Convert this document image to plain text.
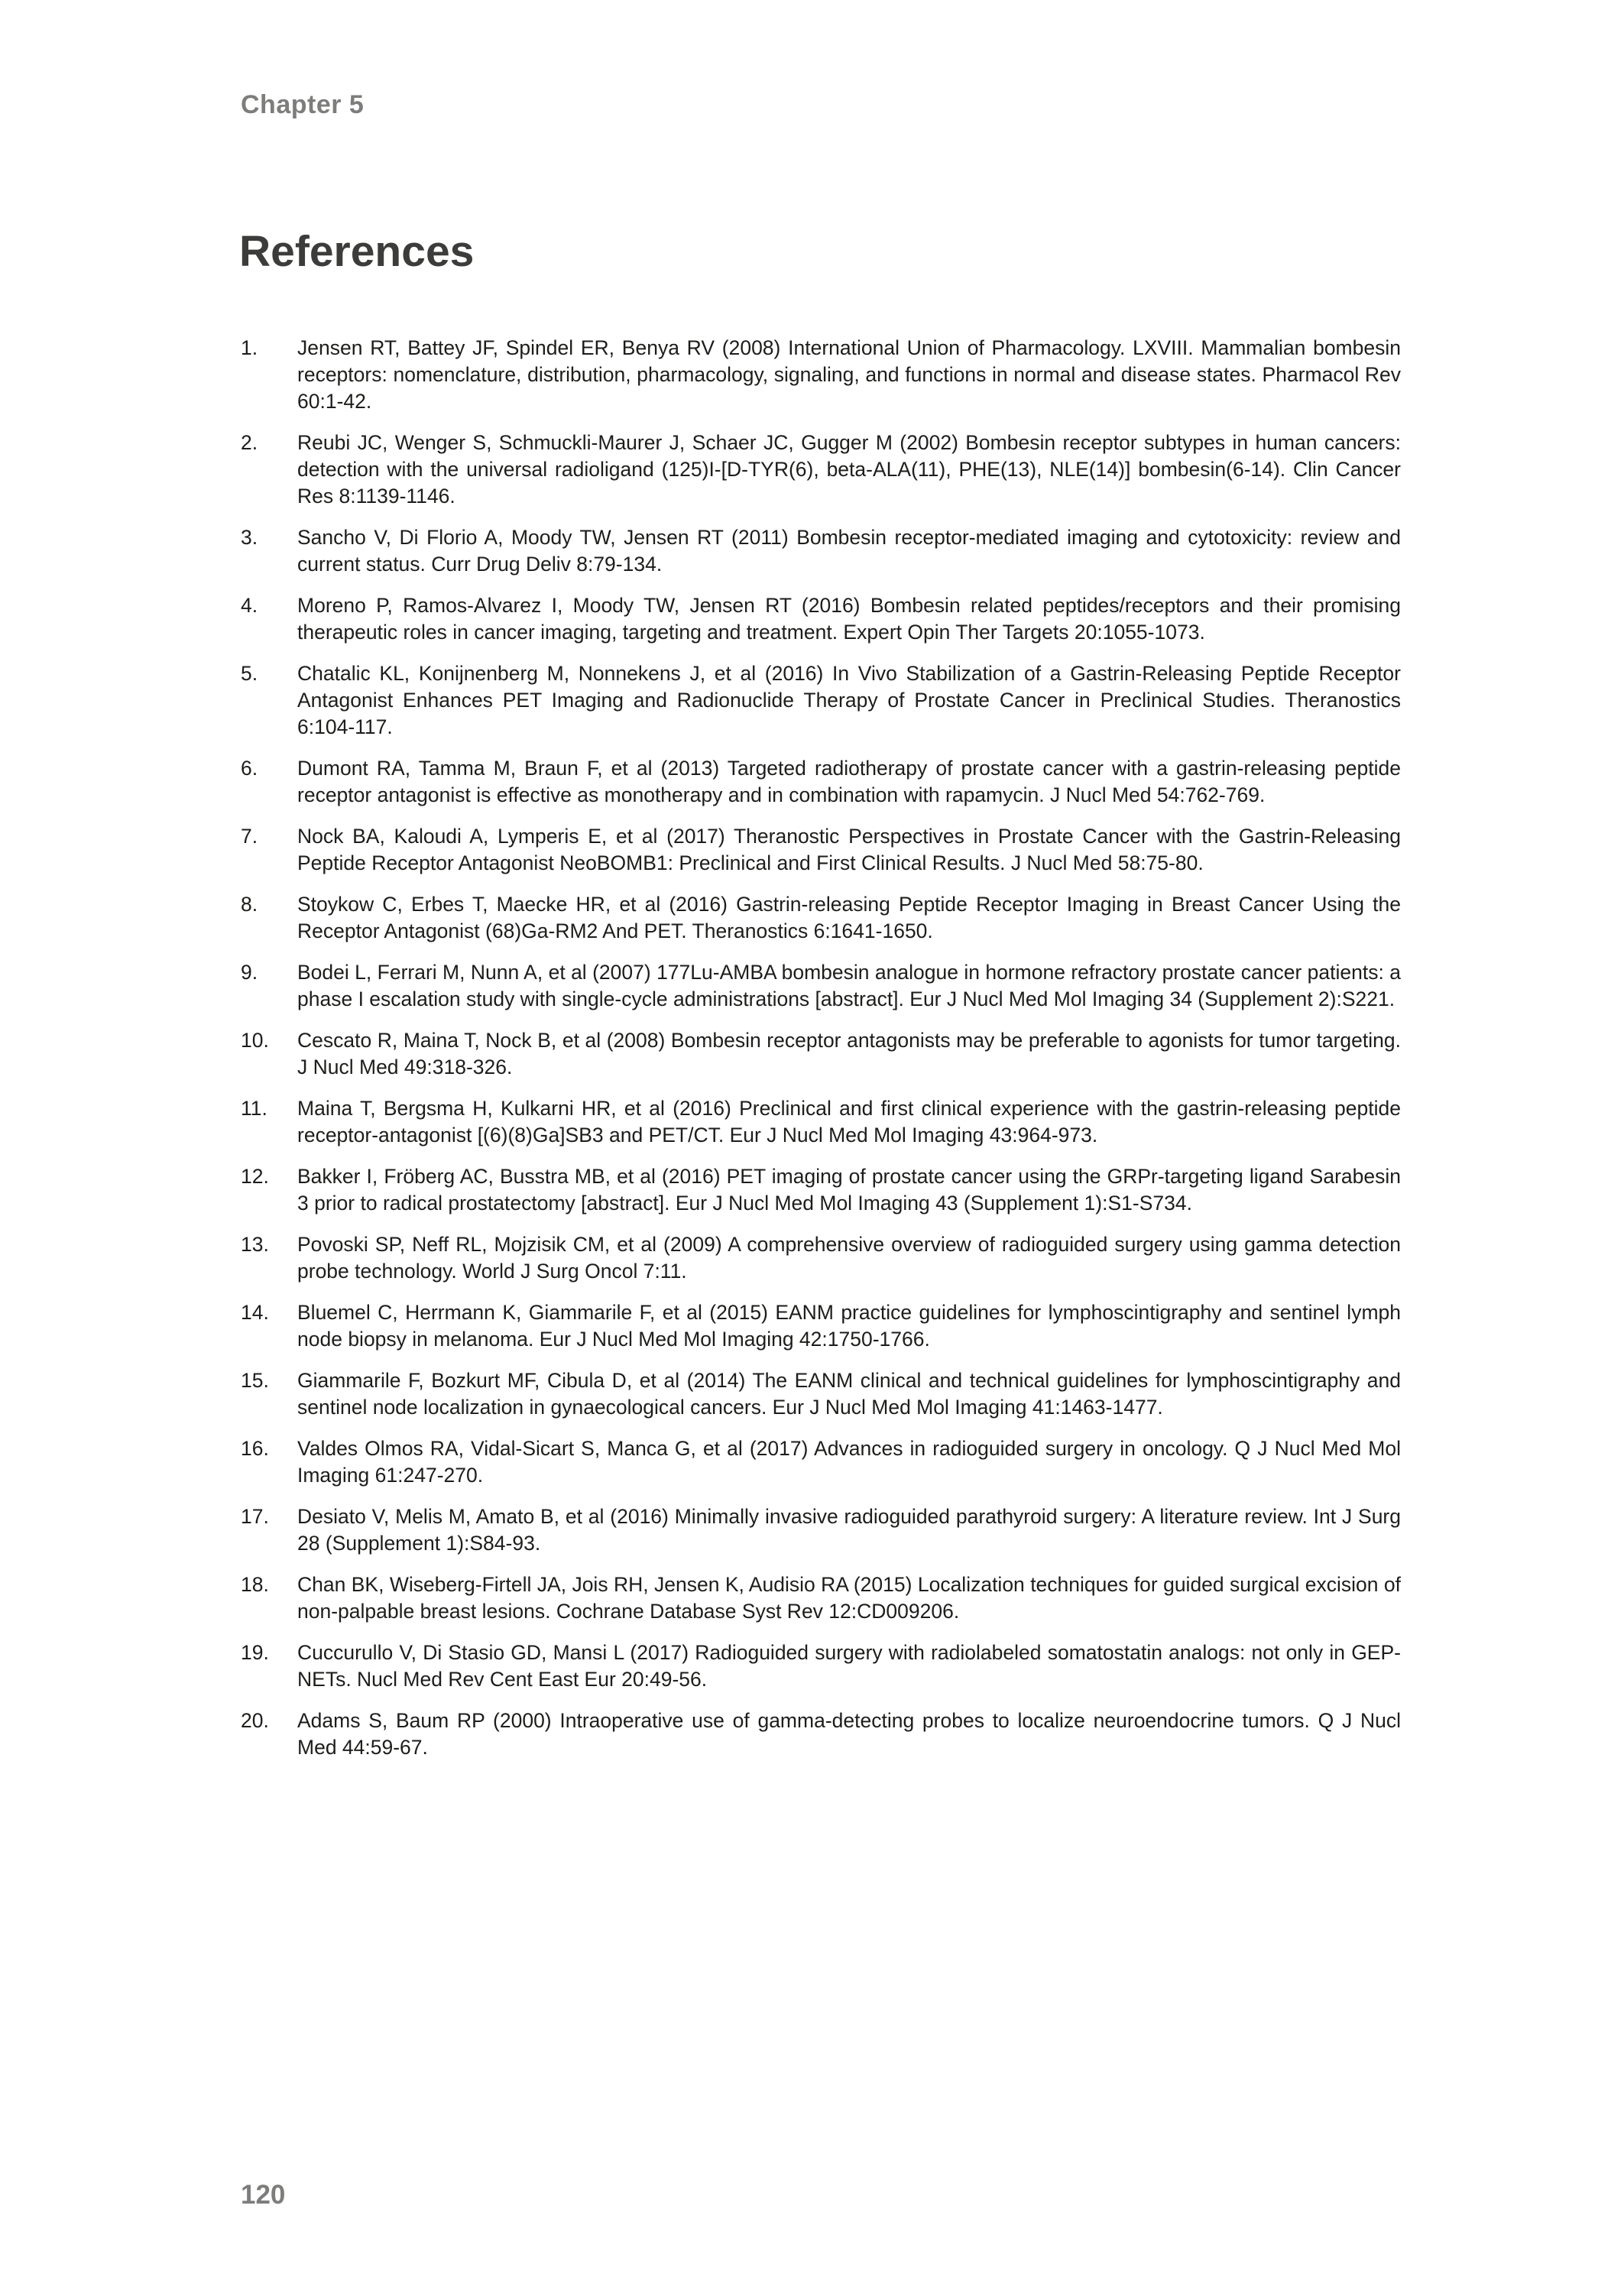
Chapter 5
References
1.	Jensen RT, Battey JF, Spindel ER, Benya RV (2008) International Union of Pharmacology. LXVIII. Mammalian bombesin receptors: nomenclature, distribution, pharmacology, signaling, and functions in normal and disease states. Pharmacol Rev 60:1-42.
2.	Reubi JC, Wenger S, Schmuckli-Maurer J, Schaer JC, Gugger M (2002) Bombesin receptor subtypes in human cancers: detection with the universal radioligand (125)I-[D-TYR(6), beta-ALA(11), PHE(13), NLE(14)] bombesin(6-14). Clin Cancer Res 8:1139-1146.
3.	Sancho V, Di Florio A, Moody TW, Jensen RT (2011) Bombesin receptor-mediated imaging and cytotoxicity: review and current status. Curr Drug Deliv 8:79-134.
4.	Moreno P, Ramos-Alvarez I, Moody TW, Jensen RT (2016) Bombesin related peptides/receptors and their promising therapeutic roles in cancer imaging, targeting and treatment. Expert Opin Ther Targets 20:1055-1073.
5.	Chatalic KL, Konijnenberg M, Nonnekens J, et al (2016) In Vivo Stabilization of a Gastrin-Releasing Peptide Receptor Antagonist Enhances PET Imaging and Radionuclide Therapy of Prostate Cancer in Preclinical Studies. Theranostics 6:104-117.
6.	Dumont RA, Tamma M, Braun F, et al (2013) Targeted radiotherapy of prostate cancer with a gastrin-releasing peptide receptor antagonist is effective as monotherapy and in combination with rapamycin. J Nucl Med 54:762-769.
7.	Nock BA, Kaloudi A, Lymperis E, et al (2017) Theranostic Perspectives in Prostate Cancer with the Gastrin-Releasing Peptide Receptor Antagonist NeoBOMB1: Preclinical and First Clinical Results. J Nucl Med 58:75-80.
8.	Stoykow C, Erbes T, Maecke HR, et al (2016) Gastrin-releasing Peptide Receptor Imaging in Breast Cancer Using the Receptor Antagonist (68)Ga-RM2 And PET. Theranostics 6:1641-1650.
9.	Bodei L, Ferrari M, Nunn A, et al (2007) 177Lu-AMBA bombesin analogue in hormone refractory prostate cancer patients: a phase I escalation study with single-cycle administrations [abstract]. Eur J Nucl Med Mol Imaging 34 (Supplement 2):S221.
10.	Cescato R, Maina T, Nock B, et al (2008) Bombesin receptor antagonists may be preferable to agonists for tumor targeting. J Nucl Med 49:318-326.
11.	Maina T, Bergsma H, Kulkarni HR, et al (2016) Preclinical and first clinical experience with the gastrin-releasing peptide receptor-antagonist [(6)(8)Ga]SB3 and PET/CT. Eur J Nucl Med Mol Imaging 43:964-973.
12.	Bakker I, Fröberg AC, Busstra MB, et al (2016) PET imaging of prostate cancer using the GRPr-targeting ligand Sarabesin 3 prior to radical prostatectomy [abstract]. Eur J Nucl Med Mol Imaging 43 (Supplement 1):S1-S734.
13.	Povoski SP, Neff RL, Mojzisik CM, et al (2009) A comprehensive overview of radioguided surgery using gamma detection probe technology. World J Surg Oncol 7:11.
14.	Bluemel C, Herrmann K, Giammarile F, et al (2015) EANM practice guidelines for lymphoscintigraphy and sentinel lymph node biopsy in melanoma. Eur J Nucl Med Mol Imaging 42:1750-1766.
15.	Giammarile F, Bozkurt MF, Cibula D, et al (2014) The EANM clinical and technical guidelines for lymphoscintigraphy and sentinel node localization in gynaecological cancers. Eur J Nucl Med Mol Imaging 41:1463-1477.
16.	Valdes Olmos RA, Vidal-Sicart S, Manca G, et al (2017) Advances in radioguided surgery in oncology. Q J Nucl Med Mol Imaging 61:247-270.
17.	Desiato V, Melis M, Amato B, et al (2016) Minimally invasive radioguided parathyroid surgery: A literature review. Int J Surg 28 (Supplement 1):S84-93.
18.	Chan BK, Wiseberg-Firtell JA, Jois RH, Jensen K, Audisio RA (2015) Localization techniques for guided surgical excision of non-palpable breast lesions. Cochrane Database Syst Rev 12:CD009206.
19.	Cuccurullo V, Di Stasio GD, Mansi L (2017) Radioguided surgery with radiolabeled somatostatin analogs: not only in GEP-NETs. Nucl Med Rev Cent East Eur 20:49-56.
20.	Adams S, Baum RP (2000) Intraoperative use of gamma-detecting probes to localize neuroendocrine tumors. Q J Nucl Med 44:59-67.
120
